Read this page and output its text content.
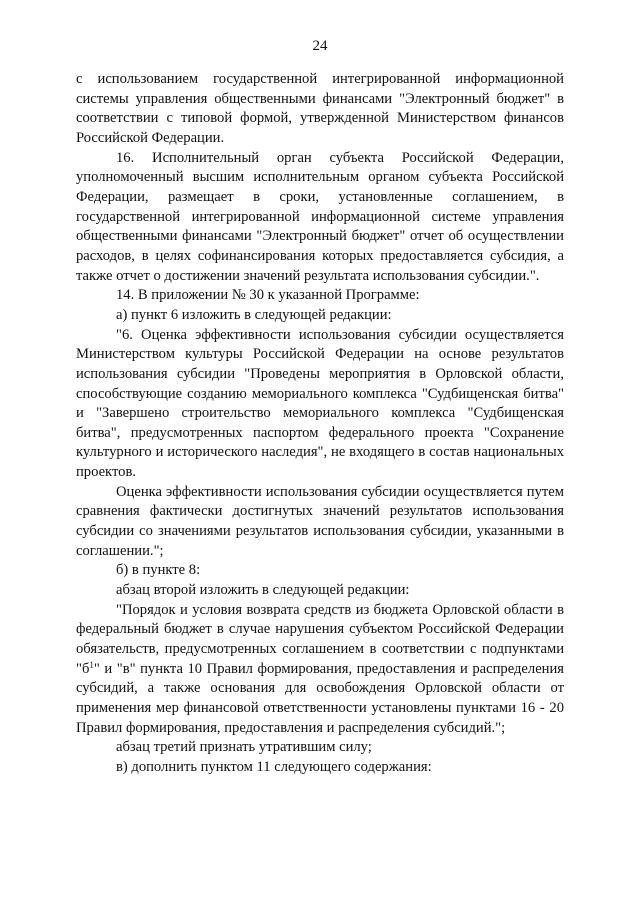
24

с использованием государственной интегрированной информационной системы управления общественными финансами "Электронный бюджет" в соответствии с типовой формой, утвержденной Министерством финансов Российской Федерации.

16. Исполнительный орган субъекта Российской Федерации, уполномоченный высшим исполнительным органом субъекта Российской Федерации, размещает в сроки, установленные соглашением, в государственной интегрированной информационной системе управления общественными финансами "Электронный бюджет" отчет об осуществлении расходов, в целях софинансирования которых предоставляется субсидия, а также отчет о достижении значений результата использования субсидии.".

14. В приложении № 30 к указанной Программе:

а) пункт 6 изложить в следующей редакции:

"6. Оценка эффективности использования субсидии осуществляется Министерством культуры Российской Федерации на основе результатов использования субсидии "Проведены мероприятия в Орловской области, способствующие созданию мемориального комплекса "Судбищенская битва" и "Завершено строительство мемориального комплекса "Судбищенская битва", предусмотренных паспортом федерального проекта "Сохранение культурного и исторического наследия", не входящего в состав национальных проектов.

Оценка эффективности использования субсидии осуществляется путем сравнения фактически достигнутых значений результатов использования субсидии со значениями результатов использования субсидии, указанными в соглашении.";

б) в пункте 8:

абзац второй изложить в следующей редакции:

"Порядок и условия возврата средств из бюджета Орловской области в федеральный бюджет в случае нарушения субъектом Российской Федерации обязательств, предусмотренных соглашением в соответствии с подпунктами "$б^1$" и "в" пункта 10 Правил формирования, предоставления и распределения субсидий, а также основания для освобождения Орловской области от применения мер финансовой ответственности установлены пунктами 16 - 20 Правил формирования, предоставления и распределения субсидий.";

абзац третий признать утратившим силу;

в) дополнить пунктом 11 следующего содержания:
